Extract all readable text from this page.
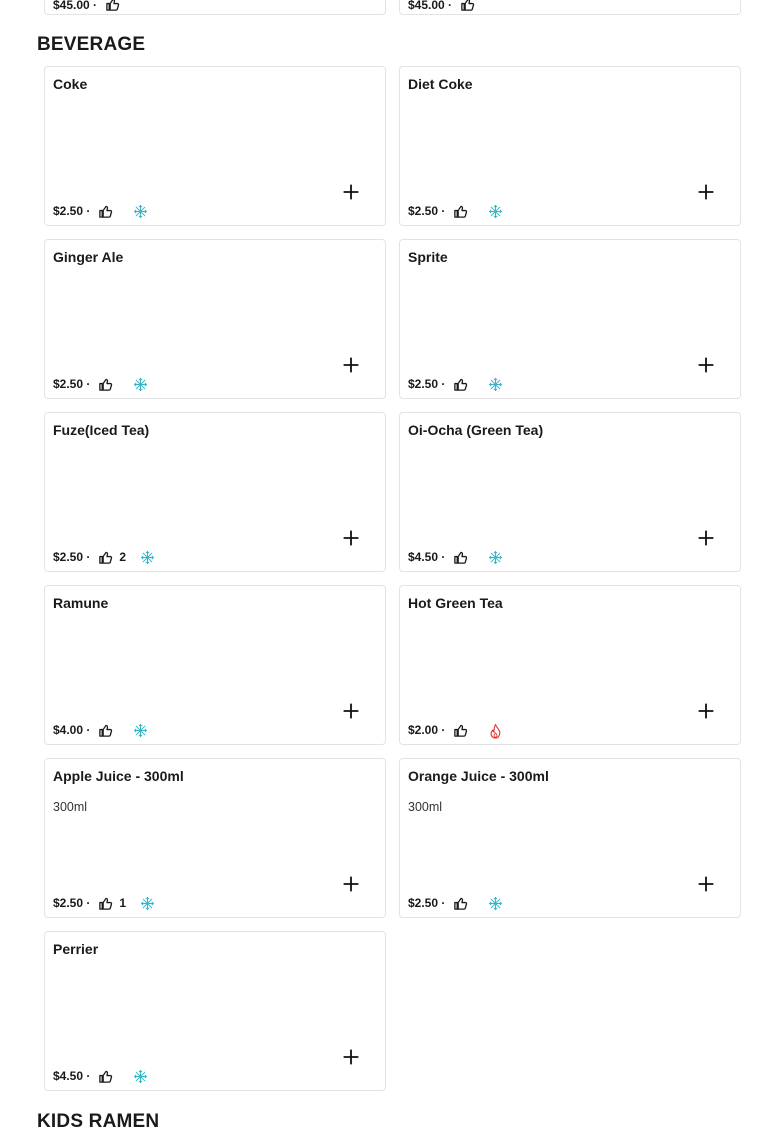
$45.00 ·	$45.00 ·
BEVERAGE
Coke
$2.50 ·
Diet Coke
$2.50 ·
Ginger Ale
$2.50 ·
Sprite
$2.50 ·
Fuze(Iced Tea)
$2.50 · 2
Oi-Ocha (Green Tea)
$4.50 ·
Ramune
$4.00 ·
Hot Green Tea
$2.00 ·
Apple Juice - 300ml
300ml
$2.50 · 1
Orange Juice - 300ml
300ml
$2.50 ·
Perrier
$4.50 ·
KIDS RAMEN
